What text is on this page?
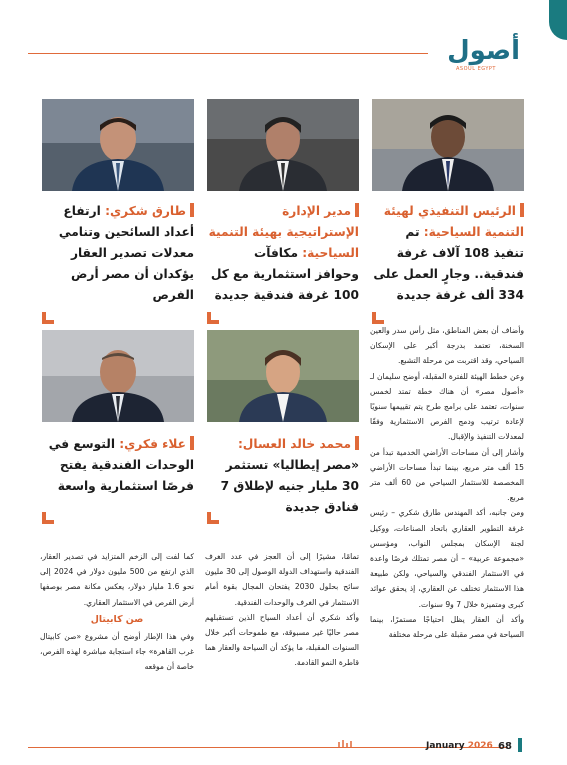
أصول
ASOUL EGYPT
الرئيس التنفيذي لهيئة التنمية السياحية: تم تنفيذ 108 آلاف غرفة فندقية.. وجارٍ العمل على 334 ألف غرفة جديدة
مدير الإدارة الإستراتيجية بهيئة التنمية السياحية: مكافآت وحوافز استثمارية مع كل 100 غرفة فندقية جديدة
طارق شكري: ارتفاع أعداد السائحين وتنامي معدلات تصدير العقار يؤكدان أن مصر أرض الفرص
محمد خالد العسال: «مصر إيطاليا» تستثمر 30 مليار جنيه لإطلاق 7 فنادق جديدة
علاء فكري: التوسع في الوحدات الفندقية يفتح فرصًا استثمارية واسعة

وأضاف أن بعض المناطق، مثل رأس سدر والعين السخنة، تعتمد بدرجة أكبر على الإسكان السياحي، وقد اقتربت من مرحلة التشبع.

وعن خطط الهيئة للفترة المقبلة، أوضح سليمان لـ «أصول مصر» أن هناك خطة تمتد لخمس سنوات، تعتمد على برامج طرح يتم تقييمها سنويًا لإعادة ترتيب ودمج الفرص الاستثمارية وفقًا لمعدلات التنفيذ والإقبال.

وأشار إلى أن مساحات الأراضي الخدمية تبدأ من 15 ألف متر مربع، بينما تبدأ مساحات الأراضي المخصصة للاستثمار السياحي من 60 ألف متر مربع.

ومن جانبه، أكد المهندس طارق شكري – رئيس غرفة التطوير العقاري باتحاد الصناعات، ووكيل لجنة الإسكان بمجلس النواب، ومؤسس «مجموعة عربية» – أن مصر تمتلك فرصًا واعدة في الاستثمار الفندقي والسياحي، ولكن طبيعة هذا الاستثمار تختلف عن العقاري، إذ يحقق عوائد كبرى ومتميزة خلال 7 و9 سنوات.

وأكد أن العقار يظل احتياجًا مستمرًا، بينما السياحة في مصر مقبلة على مرحلة مختلفة

تمامًا، مشيرًا إلى أن العجز في عدد الغرف الفندقية واستهداف الدولة الوصول إلى 30 مليون سائح بحلول 2030 يفتحان المجال بقوة أمام الاستثمار في الغرف والوحدات الفندقية.

وأكد شكري أن أعداد السياح الذين تستقبلهم مصر حاليًا غير مسبوقة، مع طموحات أكبر خلال السنوات المقبلة، ما يؤكد أن السياحة والعقار هما قاطرة النمو القادمة.

كما لفت إلى الزخم المتزايد في تصدير العقار، الذي ارتفع من 500 مليون دولار في 2024 إلى نحو 1.6 مليار دولار، يعكس مكانة مصر بوصفها أرض الفرص في الاستثمار العقاري.

صن كابيتال

وفي هذا الإطار أوضح أن مشروع «صن كابيتال غرب القاهرة» جاء استجابة مباشرة لهذه الفرص، خاصة أن موقعه

January 2026 68
